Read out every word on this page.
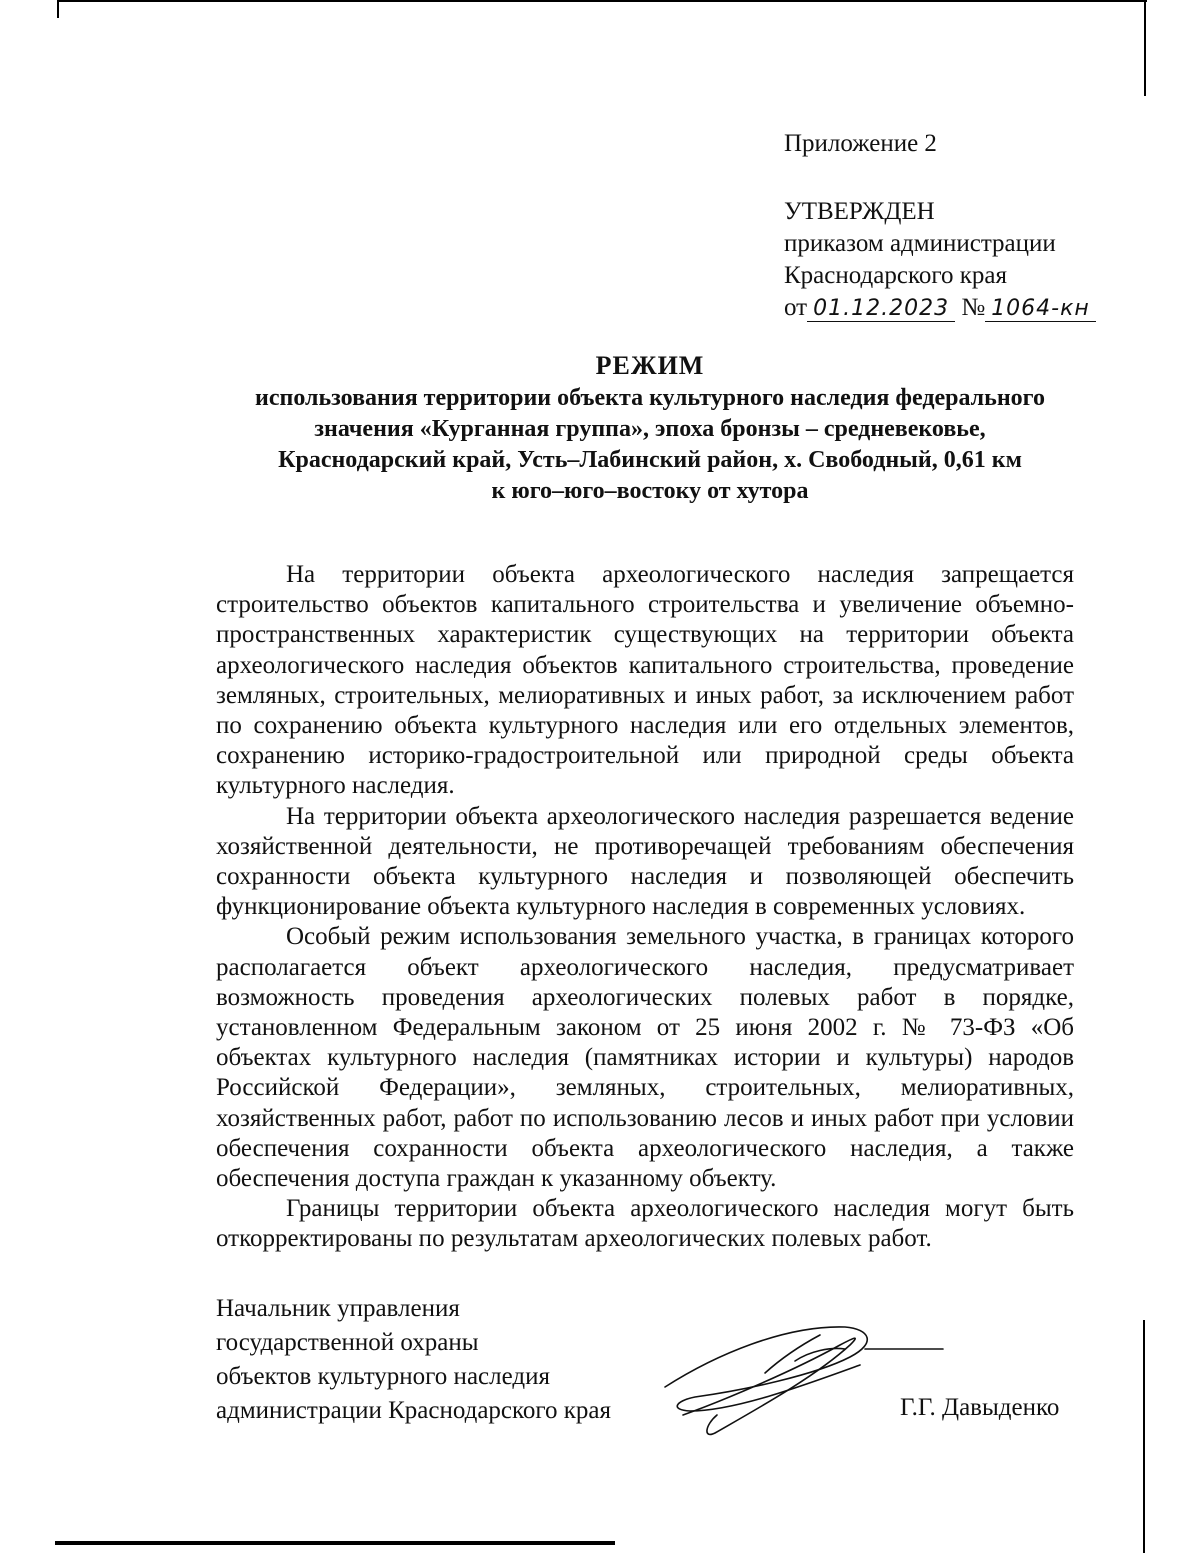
Приложение 2
УТВЕРЖДЕН
приказом администрации
Краснодарского края
от 01.12.2023 № 1064-кн
РЕЖИМ
использования территории объекта культурного наследия федерального
значения «Курганная группа», эпоха бронзы – средневековье,
Краснодарский край, Усть–Лабинский район, х. Свободный, 0,61 км
к юго–юго–востоку от хутора

На территории объекта археологического наследия запрещается строительство объектов капитального строительства и увеличение объемно-пространственных характеристик существующих на территории объекта археологического наследия объектов капитального строительства, проведение земляных, строительных, мелиоративных и иных работ, за исключением работ по сохранению объекта культурного наследия или его отдельных элементов, сохранению историко-градостроительной или природной среды объекта культурного наследия.

На территории объекта археологического наследия разрешается ведение хозяйственной деятельности, не противоречащей требованиям обеспечения сохранности объекта культурного наследия и позволяющей обеспечить функционирование объекта культурного наследия в современных условиях.

Особый режим использования земельного участка, в границах которого располагается объект археологического наследия, предусматривает возможность проведения археологических полевых работ в порядке, установленном Федеральным законом от 25 июня 2002 г. № 73-ФЗ «Об объектах культурного наследия (памятниках истории и культуры) народов Российской Федерации», земляных, строительных, мелиоративных, хозяйственных работ, работ по использованию лесов и иных работ при условии обеспечения сохранности объекта археологического наследия, а также обеспечения доступа граждан к указанному объекту.

Границы территории объекта археологического наследия могут быть откорректированы по результатам археологических полевых работ.

Начальник управления
государственной охраны
объектов культурного наследия
администрации Краснодарского края	Г.Г. Давыденко
